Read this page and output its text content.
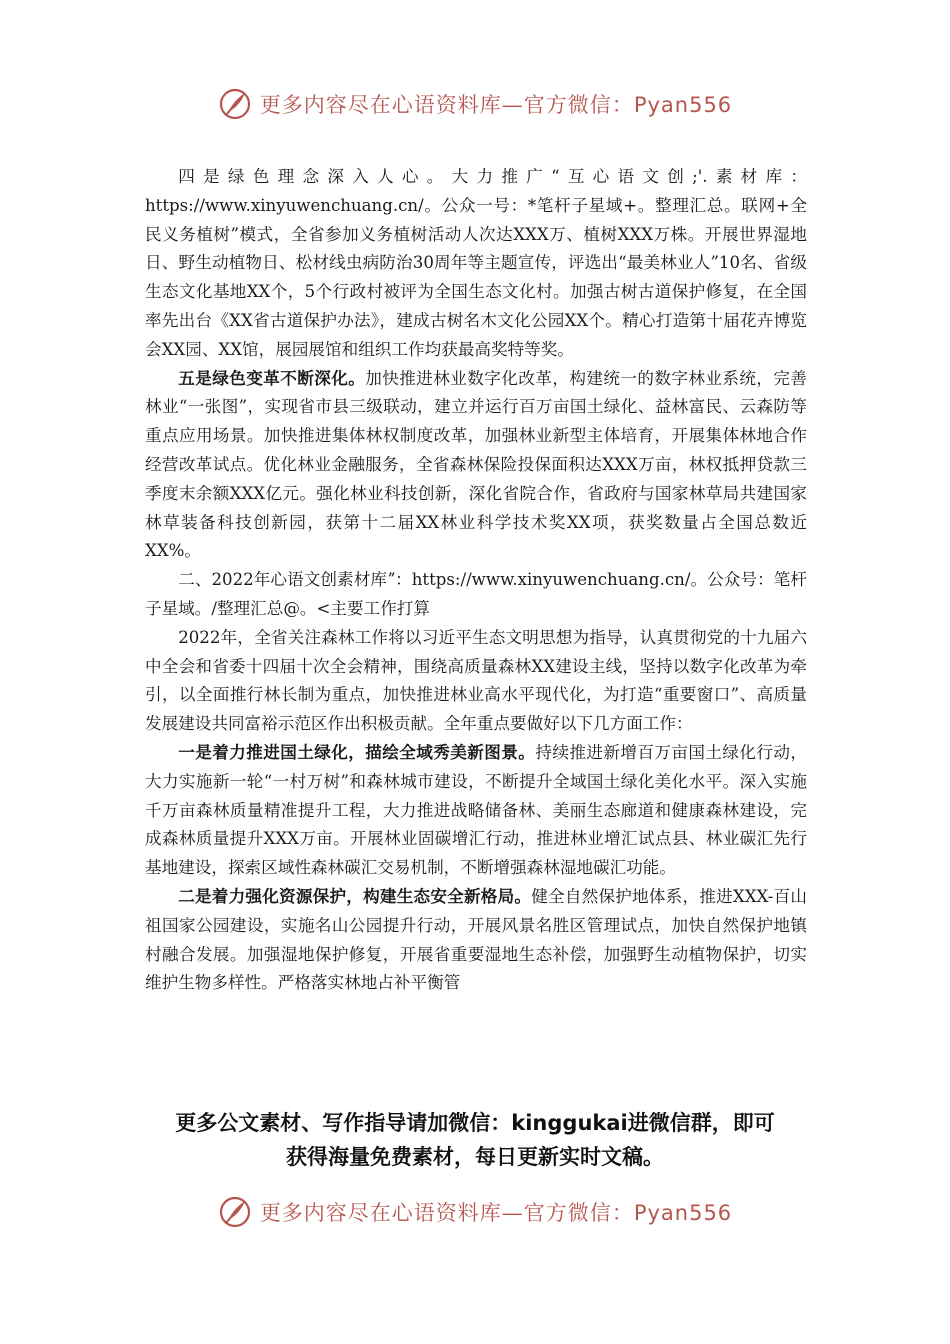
更多内容尽在心语资料库—官方微信：Pyan556

四是绿色理念深入人心。大力推广“互心语文创;'.素材库：https://www.xinyuwenchuang.cn/。公众一号：*笔杆子星域+。整理汇总。联网+全民义务植树”模式，全省参加义务植树活动人次达XXX万、植树XXX万株。开展世界湿地日、野生动植物日、松材线虫病防治30周年等主题宣传，评选出“最美林业人”10名、省级生态文化基地XX个，5个行政村被评为全国生态文化村。加强古树古道保护修复，在全国率先出台《XX省古道保护办法》，建成古树名木文化公园XX个。精心打造第十届花卉博览会XX园、XX馆，展园展馆和组织工作均获最高奖特等奖。

五是绿色变革不断深化。加快推进林业数字化改革，构建统一的数字林业系统，完善林业“一张图”，实现省市县三级联动，建立并运行百万亩国土绿化、益林富民、云森防等重点应用场景。加快推进集体林权制度改革，加强林业新型主体培育，开展集体林地合作经营改革试点。优化林业金融服务，全省森林保险投保面积达XXX万亩，林权抵押贷款三季度末余额XXX亿元。强化林业科技创新，深化省院合作，省政府与国家林草局共建国家林草装备科技创新园，获第十二届XX林业科学技术奖XX项，获奖数量占全国总数近XX%。

二、2022年心语文创素材库ˮ：https://www.xinyuwenchuang.cn/。公众号：笔杆子星域。/整理汇总@。<主要工作打算

2022年，全省关注森林工作将以习近平生态文明思想为指导，认真贯彻党的十九届六中全会和省委十四届十次全会精神，围绕高质量森林XX建设主线，坚持以数字化改革为牵引，以全面推行林长制为重点，加快推进林业高水平现代化，为打造“重要窗口”、高质量发展建设共同富裕示范区作出积极贡献。全年重点要做好以下几方面工作：

一是着力推进国土绿化，描绘全域秀美新图景。持续推进新增百万亩国土绿化行动，大力实施新一轮“一村万树”和森林城市建设，不断提升全域国土绿化美化水平。深入实施千万亩森林质量精准提升工程，大力推进战略储备林、美丽生态廊道和健康森林建设，完成森林质量提升XXX万亩。开展林业固碳增汇行动，推进林业增汇试点县、林业碳汇先行基地建设，探索区域性森林碳汇交易机制，不断增强森林湿地碳汇功能。

二是着力强化资源保护，构建生态安全新格局。健全自然保护地体系，推进XXX-百山祖国家公园建设，实施名山公园提升行动，开展风景名胜区管理试点，加快自然保护地镇村融合发展。加强湿地保护修复，开展省重要湿地生态补偿，加强野生动植物保护，切实维护生物多样性。严格落实林地占补平衡管

更多公文素材、写作指导请加微信：kinggukai进微信群，即可
获得海量免费素材，每日更新实时文稿。
更多内容尽在心语资料库—官方微信：Pyan556
